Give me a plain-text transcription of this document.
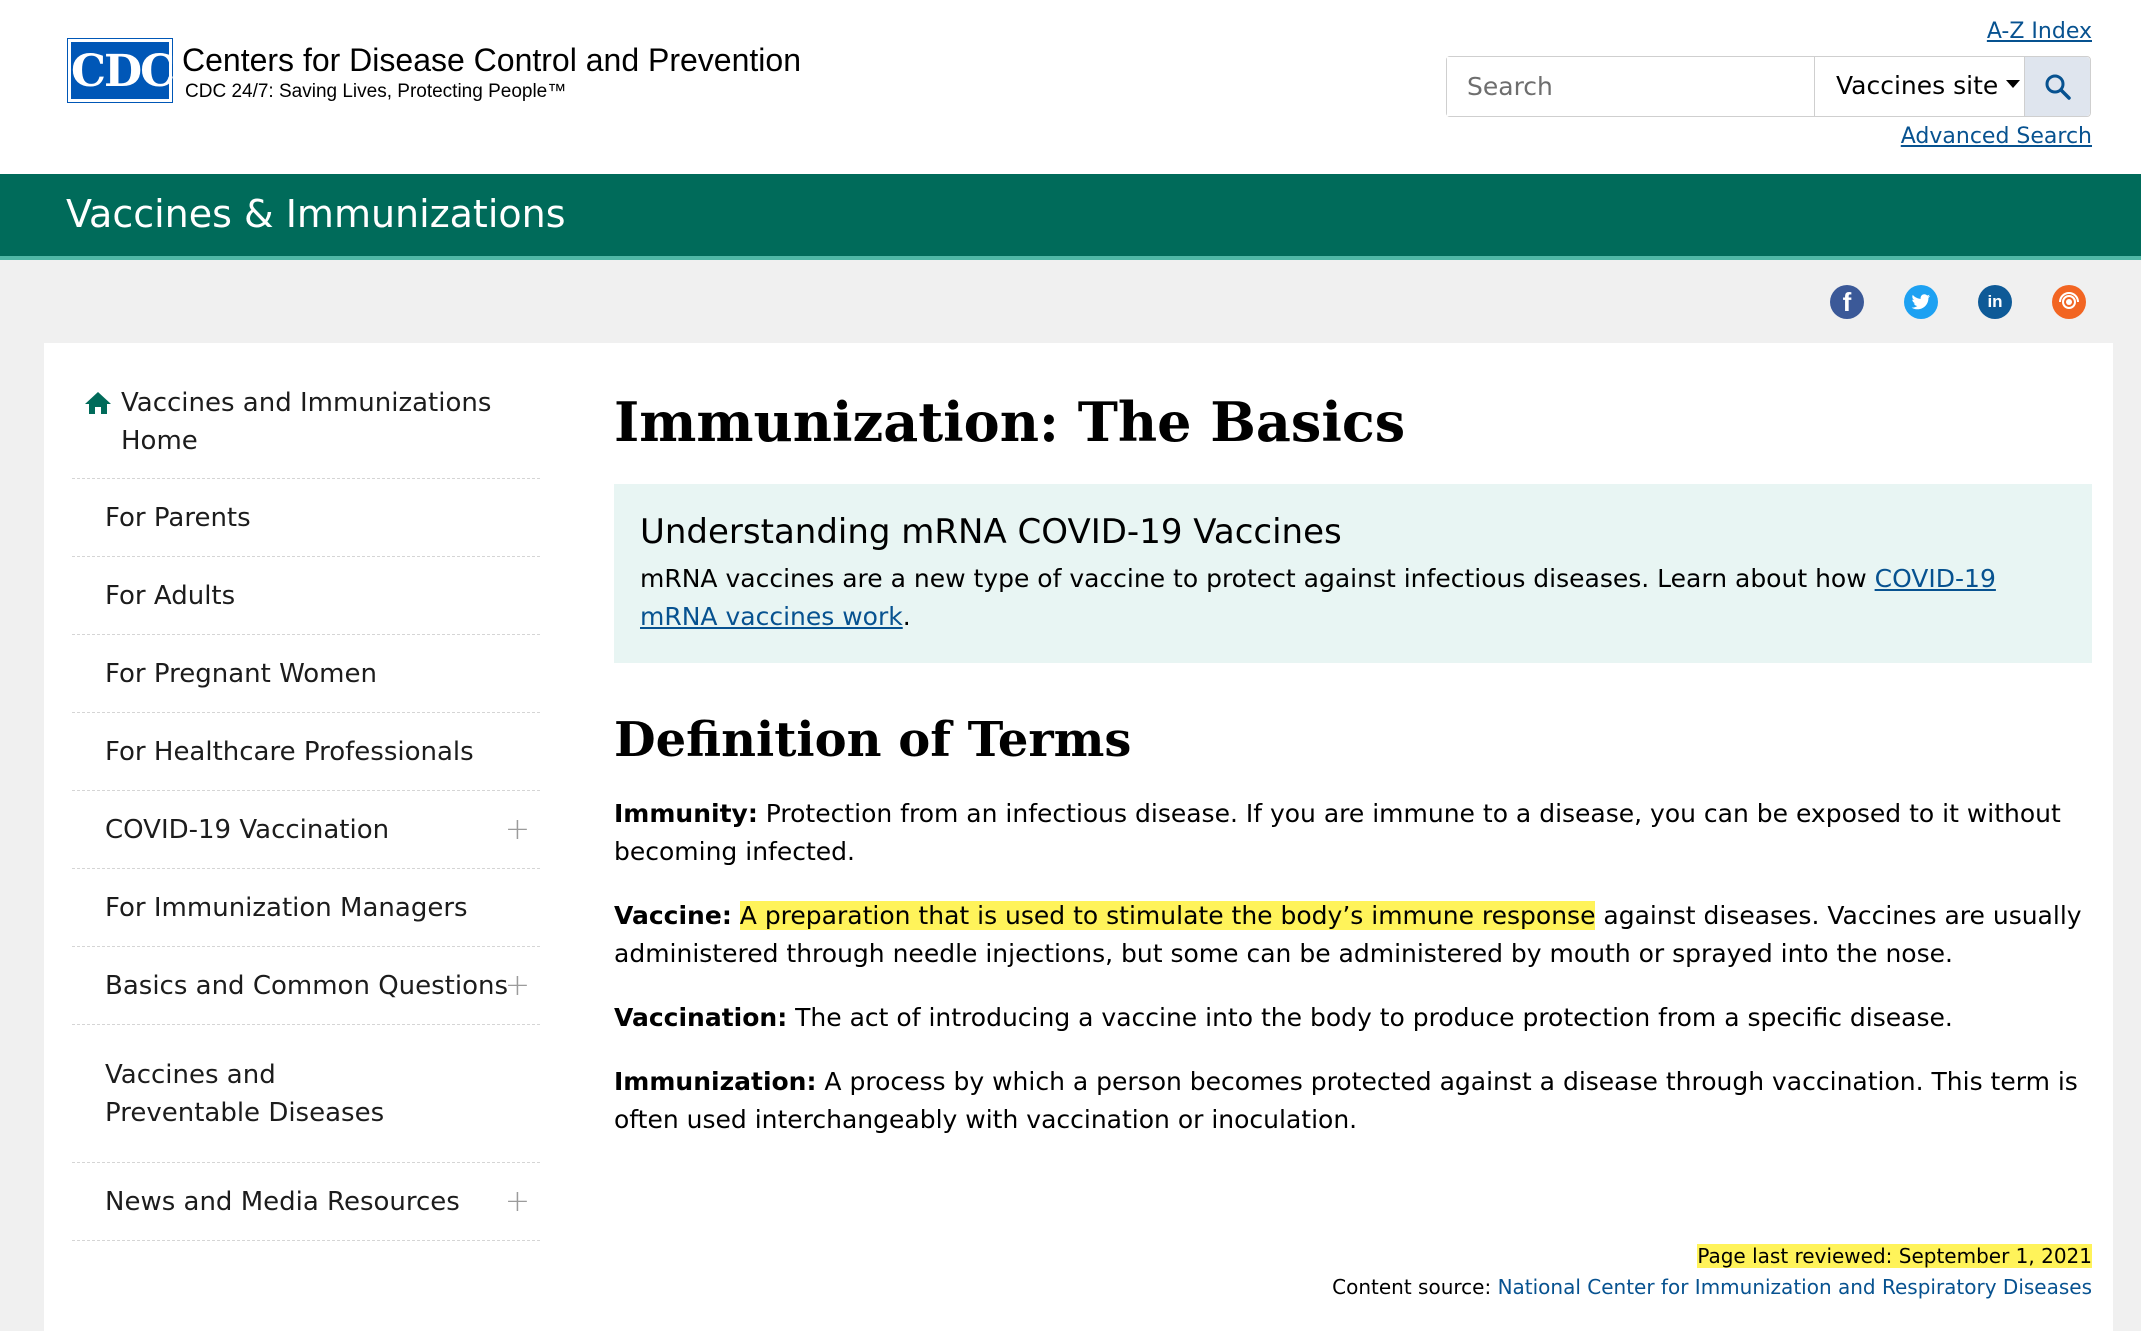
CDC Centers for Disease Control and Prevention
CDC 24/7: Saving Lives, Protecting People™
A-Z Index
Search
Vaccines site
Advanced Search
Vaccines & Immunizations
f	in
Vaccines and Immunizations Home
For Parents
For Adults
For Pregnant Women
For Healthcare Professionals
COVID-19 Vaccination	+
For Immunization Managers
Basics and Common Questions
+
Vaccines and Preventable Diseases
News and Media Resources +
Immunization: The Basics
Understanding mRNA COVID-19 Vaccines
mRNA vaccines are a new type of vaccine to protect against infectious diseases. Learn about how COVID-19 mRNA vaccines work.
Definition of Terms

Immunity: Protection from an infectious disease. If you are immune to a disease, you can be exposed to it without becoming infected.

Vaccine: A preparation that is used to stimulate the body’s immune response against diseases. Vaccines are usually administered through needle injections, but some can be administered by mouth or sprayed into the nose.

Vaccination: The act of introducing a vaccine into the body to produce protection from a specific disease.

Immunization: A process by which a person becomes protected against a disease through vaccination. This term is often used interchangeably with vaccination or inoculation.

Page last reviewed: September 1, 2021
Content source: National Center for Immunization and Respiratory Diseases
